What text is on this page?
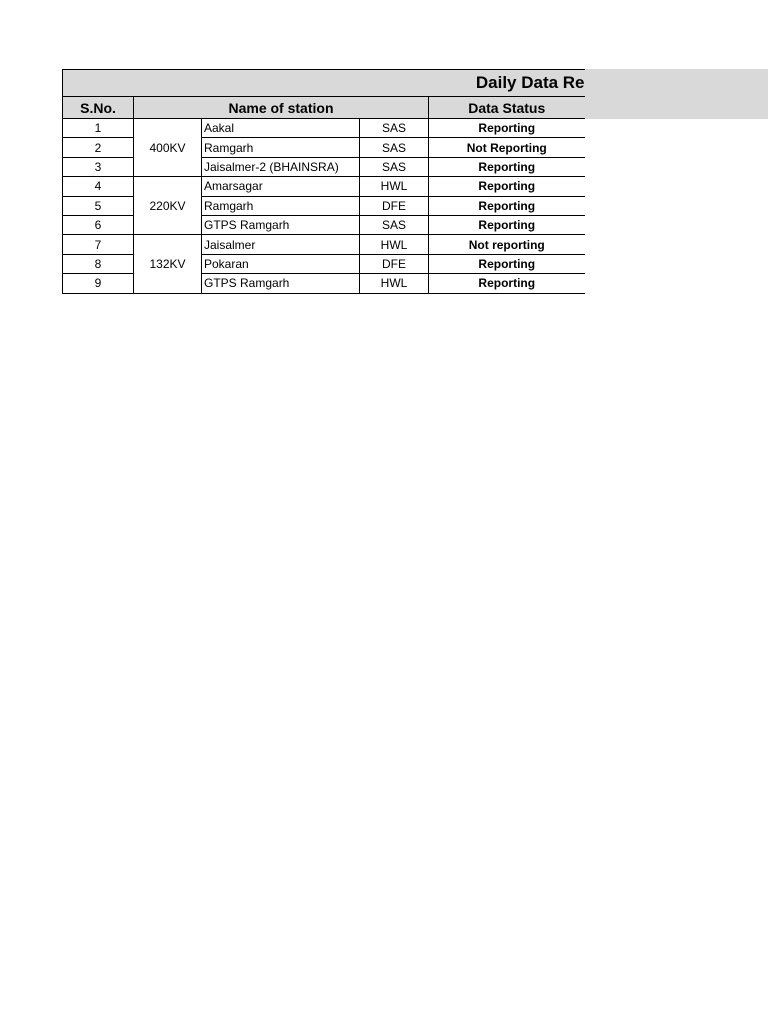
Daily Data Re				
S.No.	Name of station			Data Status
1	400KV	Aakal	SAS	Reporting
2		Ramgarh	SAS	Not Reporting
3		Jaisalmer-2 (BHAINSRA)	SAS	Reporting
4	220KV	Amarsagar	HWL	Reporting
5		Ramgarh	DFE	Reporting
6		GTPS Ramgarh	SAS	Reporting
7	132KV	Jaisalmer	HWL	Not reporting
8		Pokaran	DFE	Reporting
9		GTPS Ramgarh	HWL	Reporting
